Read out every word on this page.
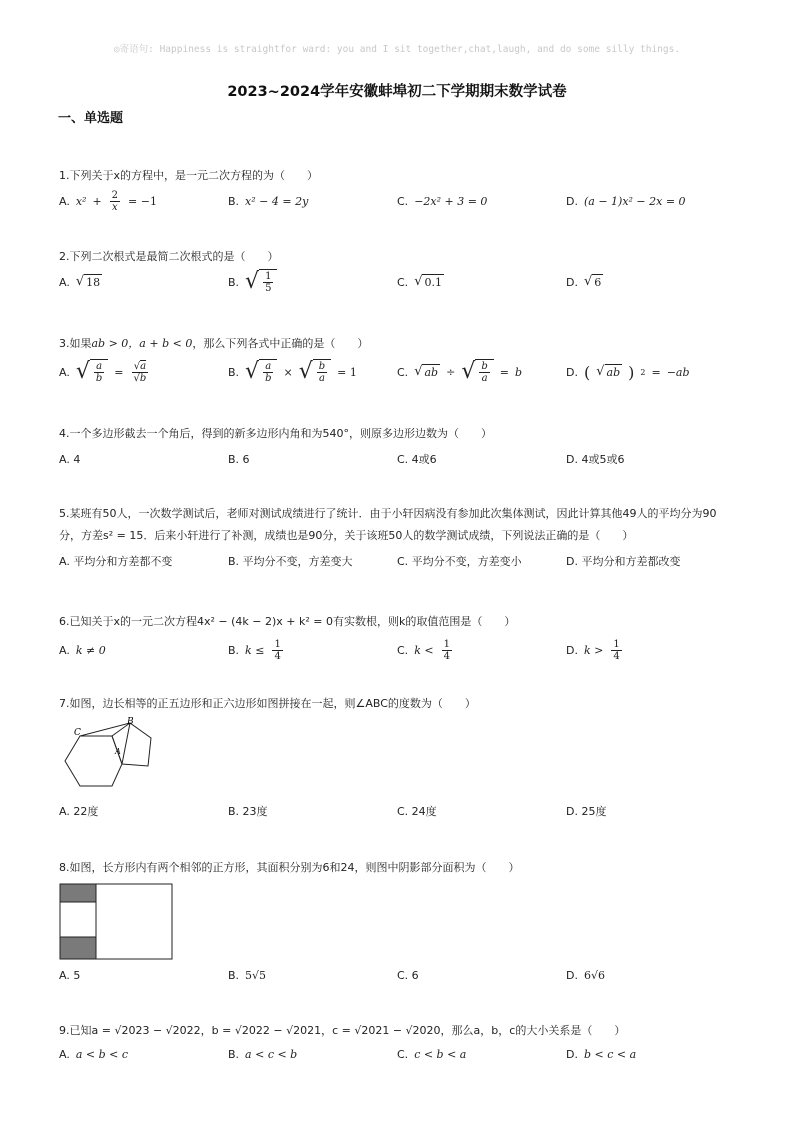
◎寄语句: Happiness is straightfor ward: you and I sit together,chat,laugh, and do some silly things.
2023~2024学年安徽蚌埠初二下学期期末数学试卷
一、单选题
1.下列关于x的方程中，是一元二次方程的为（　　）
A. $x^2 + \frac{2}{x} = -1$	B. x² − 4 = 2y	C. −2x² + 3 = 0	D. (a − 1)x² − 2x = 0
2.下列二次根式是最简二次根式的是（　　）
A. √ 18	B. √ $\frac{1}{5}$	C. √ 0.1	D. √ 6
3.如果ab > 0，a + b < 0，那么下列各式中正确的是（　　）
A. √ $\frac{a}{b} = \frac{√a}{√b}$	B. √ $\frac{a}{b}$ × √ $\frac{b}{a} = 1$	C. √ ab ÷ √ $\frac{b}{a} = b$	D. ( √ ab ) 2 = −ab
4.一个多边形截去一个角后，得到的新多边形内角和为540°，则原多边形边数为（　　）
A. 4	B. 6	C. 4或6	D. 4或5或6
5.某班有50人，一次数学测试后，老师对测试成绩进行了统计．由于小轩因病没有参加此次集体测试，因此计算其他49人的平均分为90
分，方差s² = 15．后来小轩进行了补测，成绩也是90分，关于该班50人的数学测试成绩，下列说法正确的是（　　）
A. 平均分和方差都不变	B. 平均分不变，方差变大	C. 平均分不变，方差变小	D. 平均分和方差都改变
6.已知关于x的一元二次方程4x² − (4k − 2)x + k² = 0有实数根，则k的取值范围是（　　）
A. k ≠ 0	B. $k \le \frac{1}{4}$	C. $k < \frac{1}{4}$	D. $k > \frac{1}{4}$
7.如图，边长相等的正五边形和正六边形如图拼接在一起，则∠ABC的度数为（　　）
C
B
A
A. 22度	B. 23度	C. 24度	D. 25度
8.如图，长方形内有两个相邻的正方形，其面积分别为6和24，则图中阴影部分面积为（　　）
A. 5	B. 5√5	C. 6	D. 6√6
9.已知a = √2023 − √2022，b = √2022 − √2021，c = √2021 − √2020，那么a，b，c的大小关系是（　　）
A. a < b < c	B. a < c < b	C. c < b < a	D. b < c < a
